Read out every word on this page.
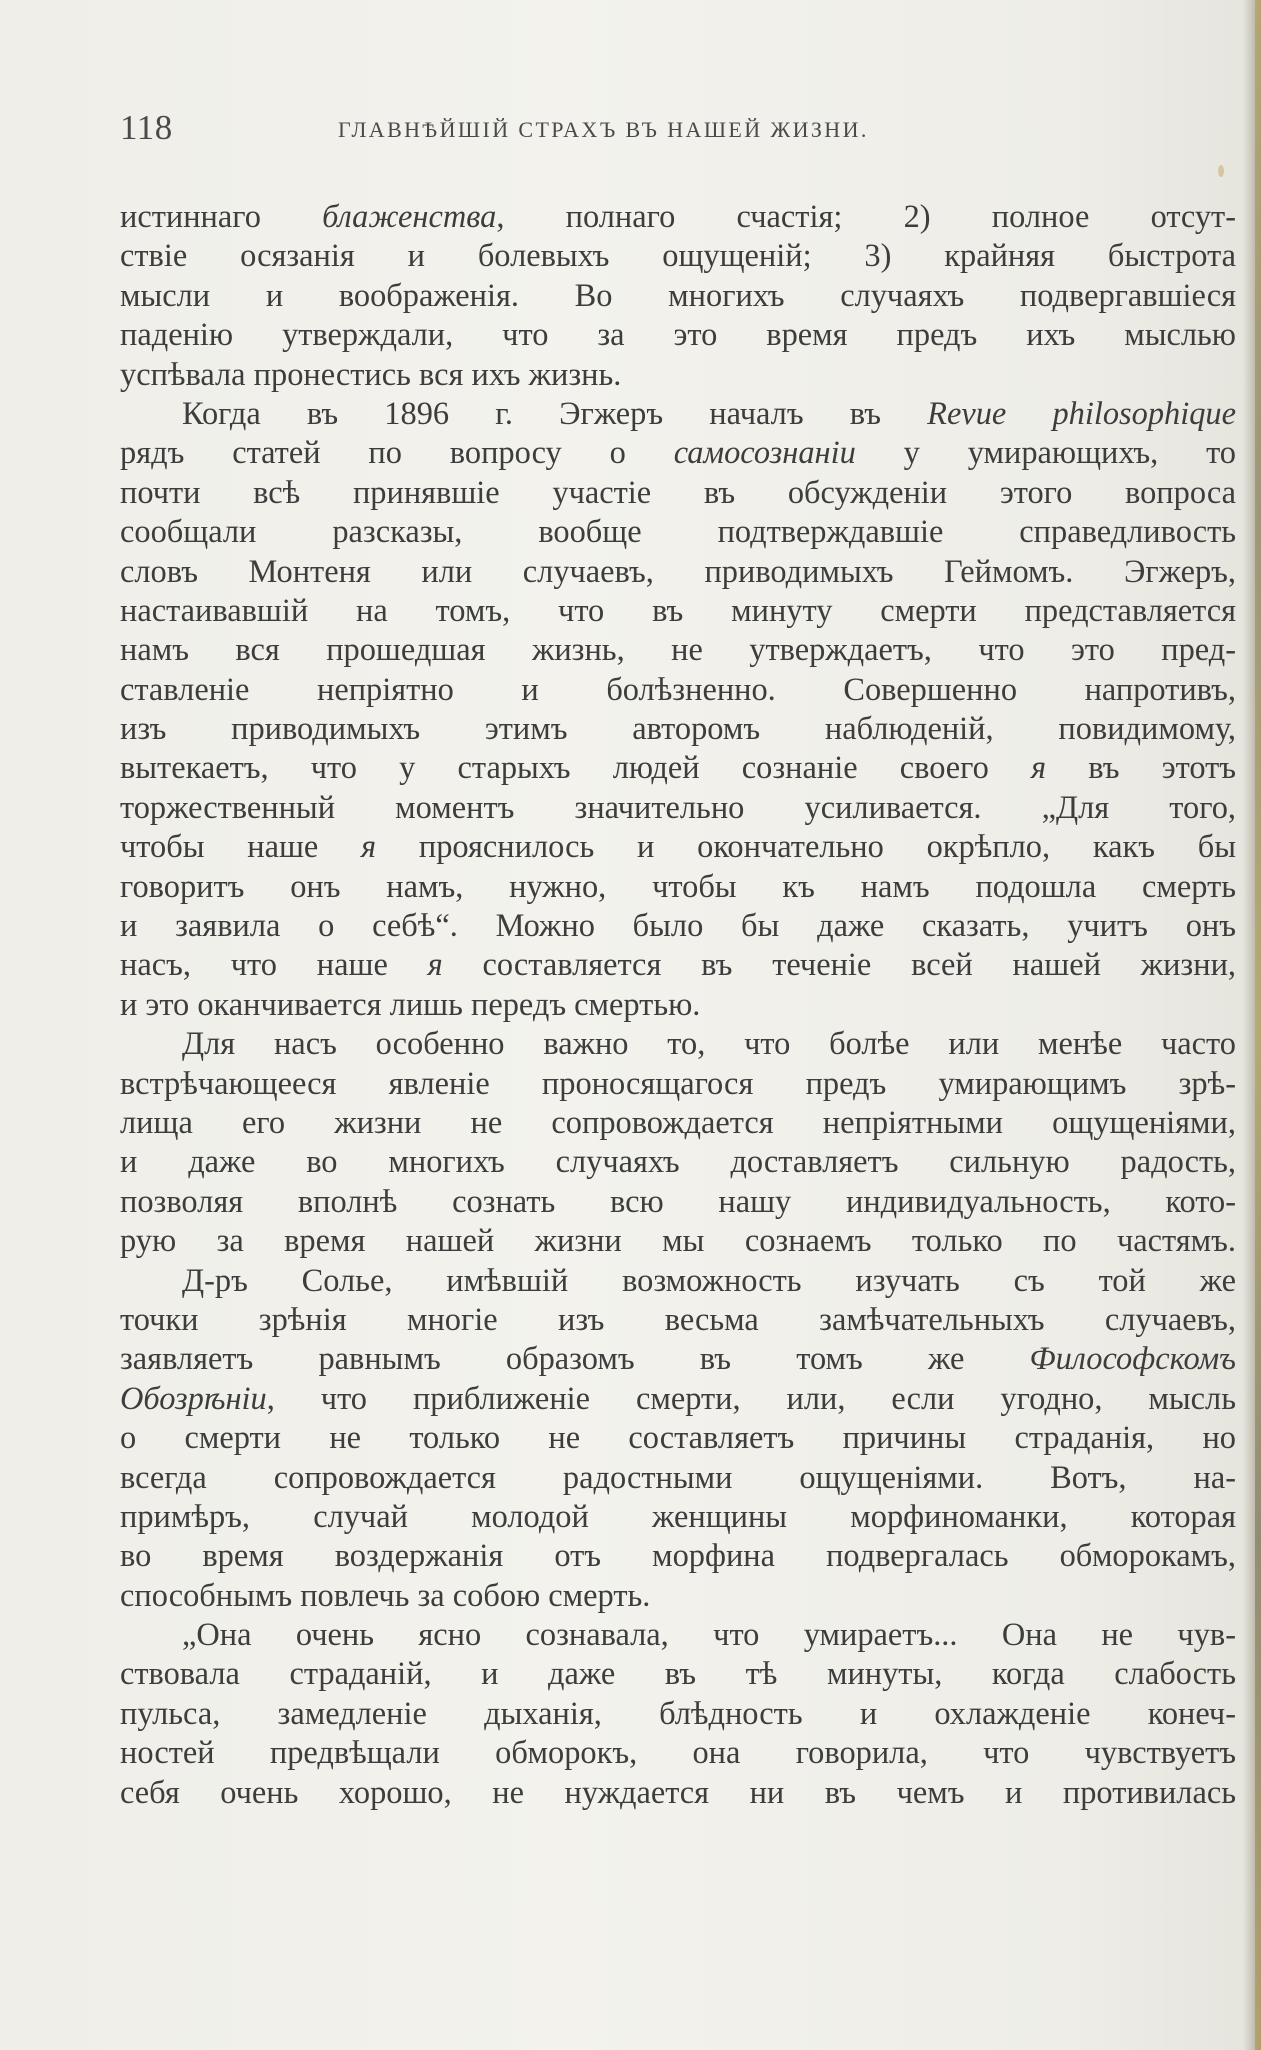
118	ГЛАВНѢЙШІЙ СТРАХЪ ВЪ НАШЕЙ ЖИЗНИ.
истиннаго блаженства, полнаго счастія; 2) полное отсут-
ствіе осязанія и болевыхъ ощущеній; 3) крайняя быстрота
мысли и воображенія. Во многихъ случаяхъ подвергавшіеся
паденію утверждали, что за это время предъ ихъ мыслью
успѣвала пронестись вся ихъ жизнь.
Когда въ 1896 г. Эгжеръ началъ въ Revue philosophique
рядъ статей по вопросу о самосознаніи у умирающихъ, то
почти всѣ принявшіе участіе въ обсужденіи этого вопроса
сообщали разсказы, вообще подтверждавшіе справедливость
словъ Монтеня или случаевъ, приводимыхъ Геймомъ. Эгжеръ,
настаивавшій на томъ, что въ минуту смерти представляется
намъ вся прошедшая жизнь, не утверждаетъ, что это пред-
ставленіе непріятно и болѣзненно. Совершенно напротивъ,
изъ приводимыхъ этимъ авторомъ наблюденій, повидимому,
вытекаетъ, что у старыхъ людей сознаніе своего я въ этотъ
торжественный моментъ значительно усиливается. „Для того,
чтобы наше я прояснилось и окончательно окрѣпло, какъ бы
говоритъ онъ намъ, нужно, чтобы къ намъ подошла смерть
и заявила о себѣ“. Можно было бы даже сказать, учитъ онъ
насъ, что наше я составляется въ теченіе всей нашей жизни,
и это оканчивается лишь передъ смертью.
Для насъ особенно важно то, что болѣе или менѣе часто
встрѣчающееся явленіе проносящагося предъ умирающимъ зрѣ-
лища его жизни не сопровождается непріятными ощущеніями,
и даже во многихъ случаяхъ доставляетъ сильную радость,
позволяя вполнѣ сознать всю нашу индивидуальность, кото-
рую за время нашей жизни мы сознаемъ только по частямъ.
Д-ръ Солье, имѣвшій возможность изучать съ той же
точки зрѣнія многіе изъ весьма замѣчательныхъ случаевъ,
заявляетъ равнымъ образомъ въ томъ же Философскомъ
Обозрѣніи, что приближеніе смерти, или, если угодно, мысль
о смерти не только не составляетъ причины страданія, но
всегда сопровождается радостными ощущеніями. Вотъ, на-
примѣръ, случай молодой женщины морфиноманки, которая
во время воздержанія отъ морфина подвергалась обморокамъ,
способнымъ повлечь за собою смерть.
„Она очень ясно сознавала, что умираетъ... Она не чув-
ствовала страданій, и даже въ тѣ минуты, когда слабость
пульса, замедленіе дыханія, блѣдность и охлажденіе конеч-
ностей предвѣщали обморокъ, она говорила, что чувствуетъ
себя очень хорошо, не нуждается ни въ чемъ и противилась
